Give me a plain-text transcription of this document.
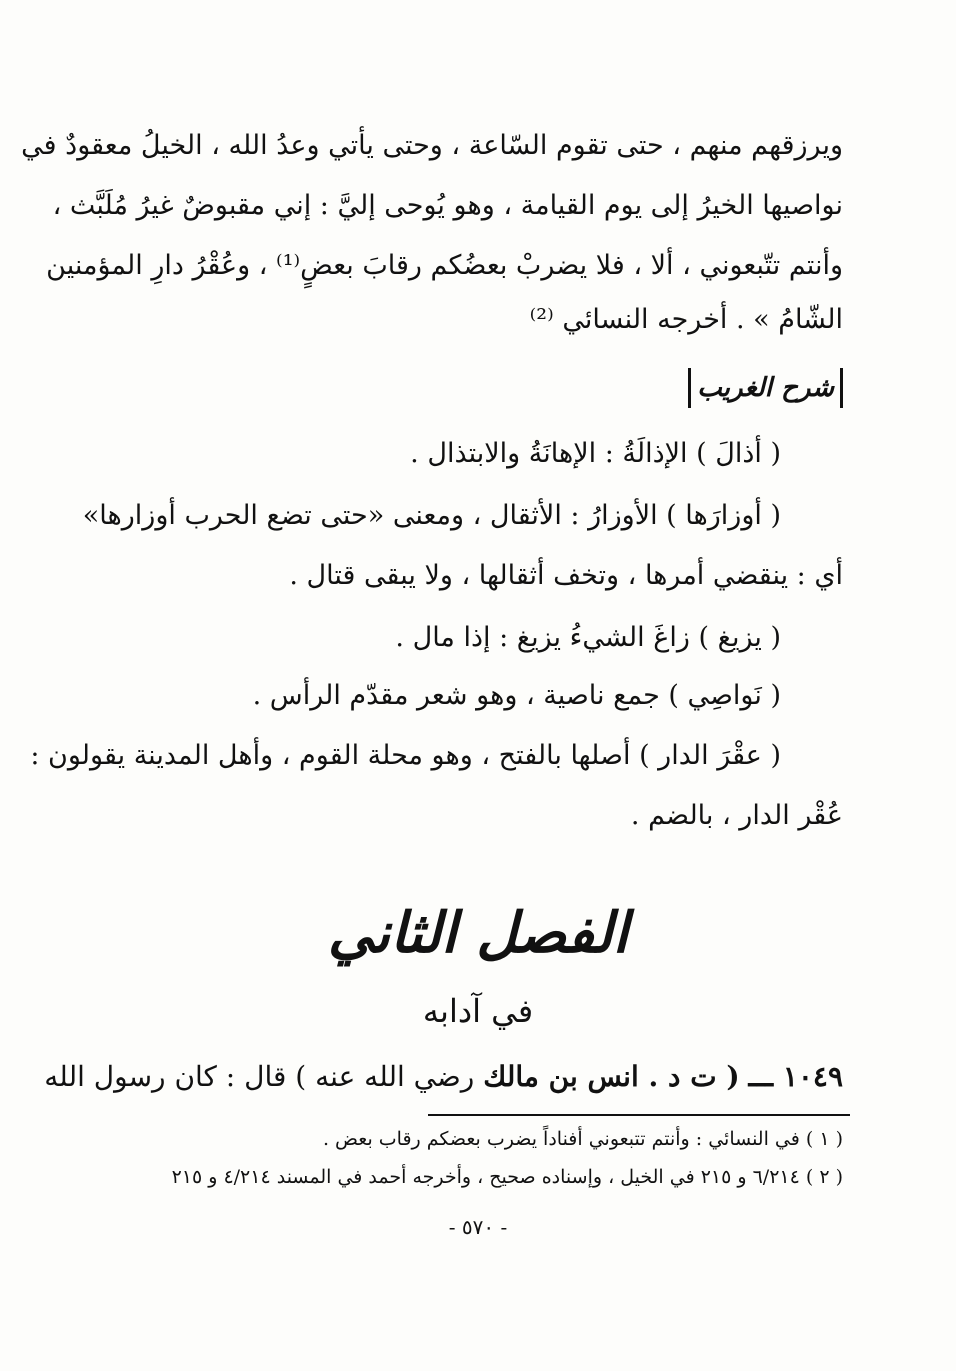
ويرزقهم منهم ، حتى تقوم السّاعة ، وحتى يأتي وعدُ الله ، الخيلُ معقودٌ في
نواصيها الخيرُ إلى يوم القيامة ، وهو يُوحى إليَّ : إني مقبوضٌ غيرُ مُلَبَّث ،
وأنتم تتّبعوني ، ألا ، فلا يضربْ بعضُكم رقابَ بعضٍ⁽¹⁾ ، وعُقْرُ دارِ المؤمنين
الشّامُ » . أخرجه النسائي ⁽²⁾
شرح الغريب
( أذالَ ) الإذالَةُ : الإهانَةُ والابتذال .
( أوزارَها ) الأوزارُ : الأثقال ، ومعنى «حتى تضع الحرب أوزارها»
أي : ينقضي أمرها ، وتخف أثقالها ، ولا يبقى قتال .
( يزيغ ) زاغَ الشيءُ يزيغ : إذا مال .
( نَواصِي ) جمع ناصية ، وهو شعر مقدّم الرأس .
( عقْرَ الدار ) أصلها بالفتح ، وهو محلة القوم ، وأهل المدينة يقولون :
عُقْر الدار ، بالضم .
الفصل الثاني
في آدابه
١٠٤٩ ـــ ( ت د . انس بن مالك رضي الله عنه ) قال : كان رسول الله
( ١ ) في النسائي : وأنتم تتبعوني أفناداً يضرب بعضكم رقاب بعض .
( ٢ ) ٦/٢١٤ و ٢١٥ في الخيل ، وإسناده صحيح ، وأخرجه أحمد في المسند ٤/٢١٤ و ٢١٥
- ٥٧٠ -
